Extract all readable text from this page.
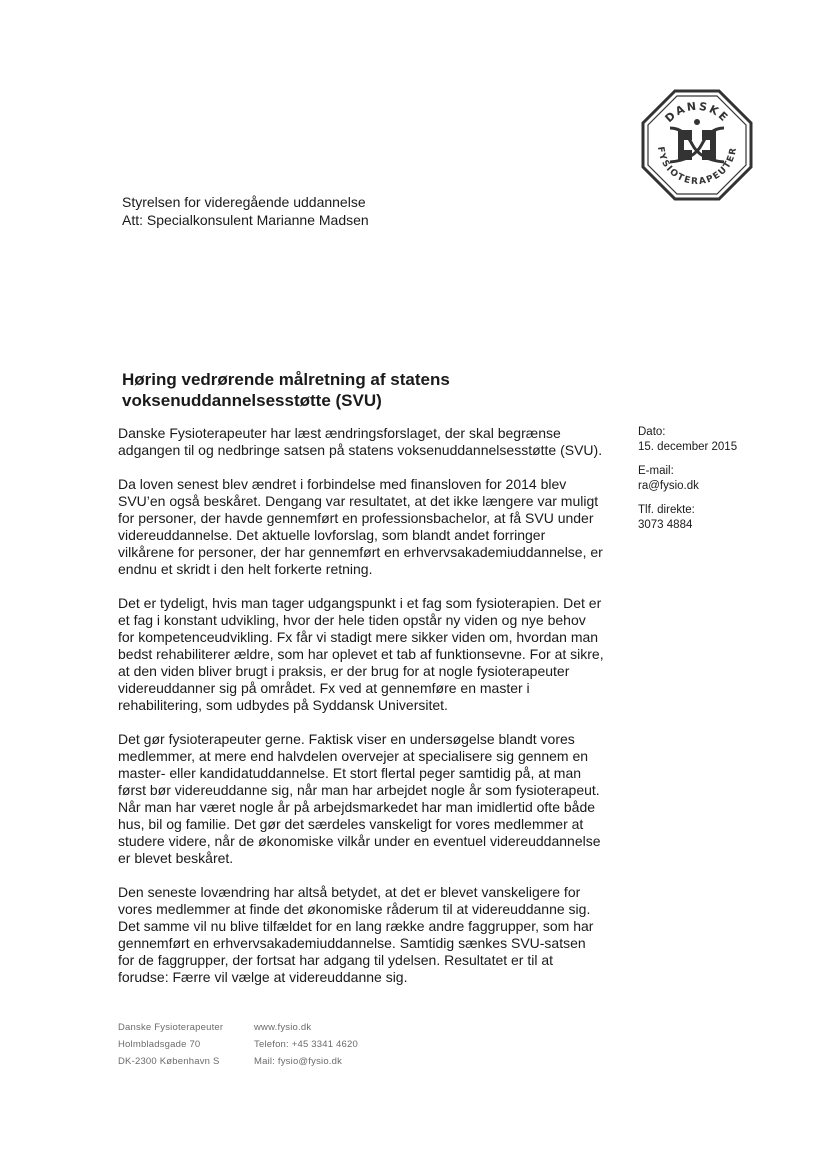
DANSKE
FYSIOTERAPEUTER
Styrelsen for videregående uddannelse
Att: Specialkonsulent Marianne Madsen
Høring vedrørende målretning af statens
voksenuddannelsesstøtte (SVU)

Danske Fysioterapeuter har læst ændringsforslaget, der skal begrænse
adgangen til og nedbringe satsen på statens voksenuddannelsesstøtte (SVU).

Da loven senest blev ændret i forbindelse med finansloven for 2014 blev
SVU’en også beskåret. Dengang var resultatet, at det ikke længere var muligt
for personer, der havde gennemført en professionsbachelor, at få SVU under
videreuddannelse. Det aktuelle lovforslag, som blandt andet forringer
vilkårene for personer, der har gennemført en erhvervsakademiuddannelse, er
endnu et skridt i den helt forkerte retning.

Det er tydeligt, hvis man tager udgangspunkt i et fag som fysioterapien. Det er
et fag i konstant udvikling, hvor der hele tiden opstår ny viden og nye behov
for kompetenceudvikling. Fx får vi stadigt mere sikker viden om, hvordan man
bedst rehabiliterer ældre, som har oplevet et tab af funktionsevne. For at sikre,
at den viden bliver brugt i praksis, er der brug for at nogle fysioterapeuter
videreuddanner sig på området. Fx ved at gennemføre en master i
rehabilitering, som udbydes på Syddansk Universitet.

Det gør fysioterapeuter gerne. Faktisk viser en undersøgelse blandt vores
medlemmer, at mere end halvdelen overvejer at specialisere sig gennem en
master- eller kandidatuddannelse. Et stort flertal peger samtidig på, at man
først bør videreuddanne sig, når man har arbejdet nogle år som fysioterapeut.
Når man har været nogle år på arbejdsmarkedet har man imidlertid ofte både
hus, bil og familie. Det gør det særdeles vanskeligt for vores medlemmer at
studere videre, når de økonomiske vilkår under en eventuel videreuddannelse
er blevet beskåret.

Den seneste lovændring har altså betydet, at det er blevet vanskeligere for
vores medlemmer at finde det økonomiske råderum til at videreuddanne sig.
Det samme vil nu blive tilfældet for en lang række andre faggrupper, som har
gennemført en erhvervsakademiuddannelse. Samtidig sænkes SVU-satsen
for de faggrupper, der fortsat har adgang til ydelsen. Resultatet er til at
forudse: Færre vil vælge at videreuddanne sig.

Dato:
15. december 2015
E-mail:
ra@fysio.dk
Tlf. direkte:
3073 4884
Danske Fysioterapeuter
Holmbladsgade 70
DK-2300 København S
www.fysio.dk
Telefon: +45 3341 4620
Mail: fysio@fysio.dk
